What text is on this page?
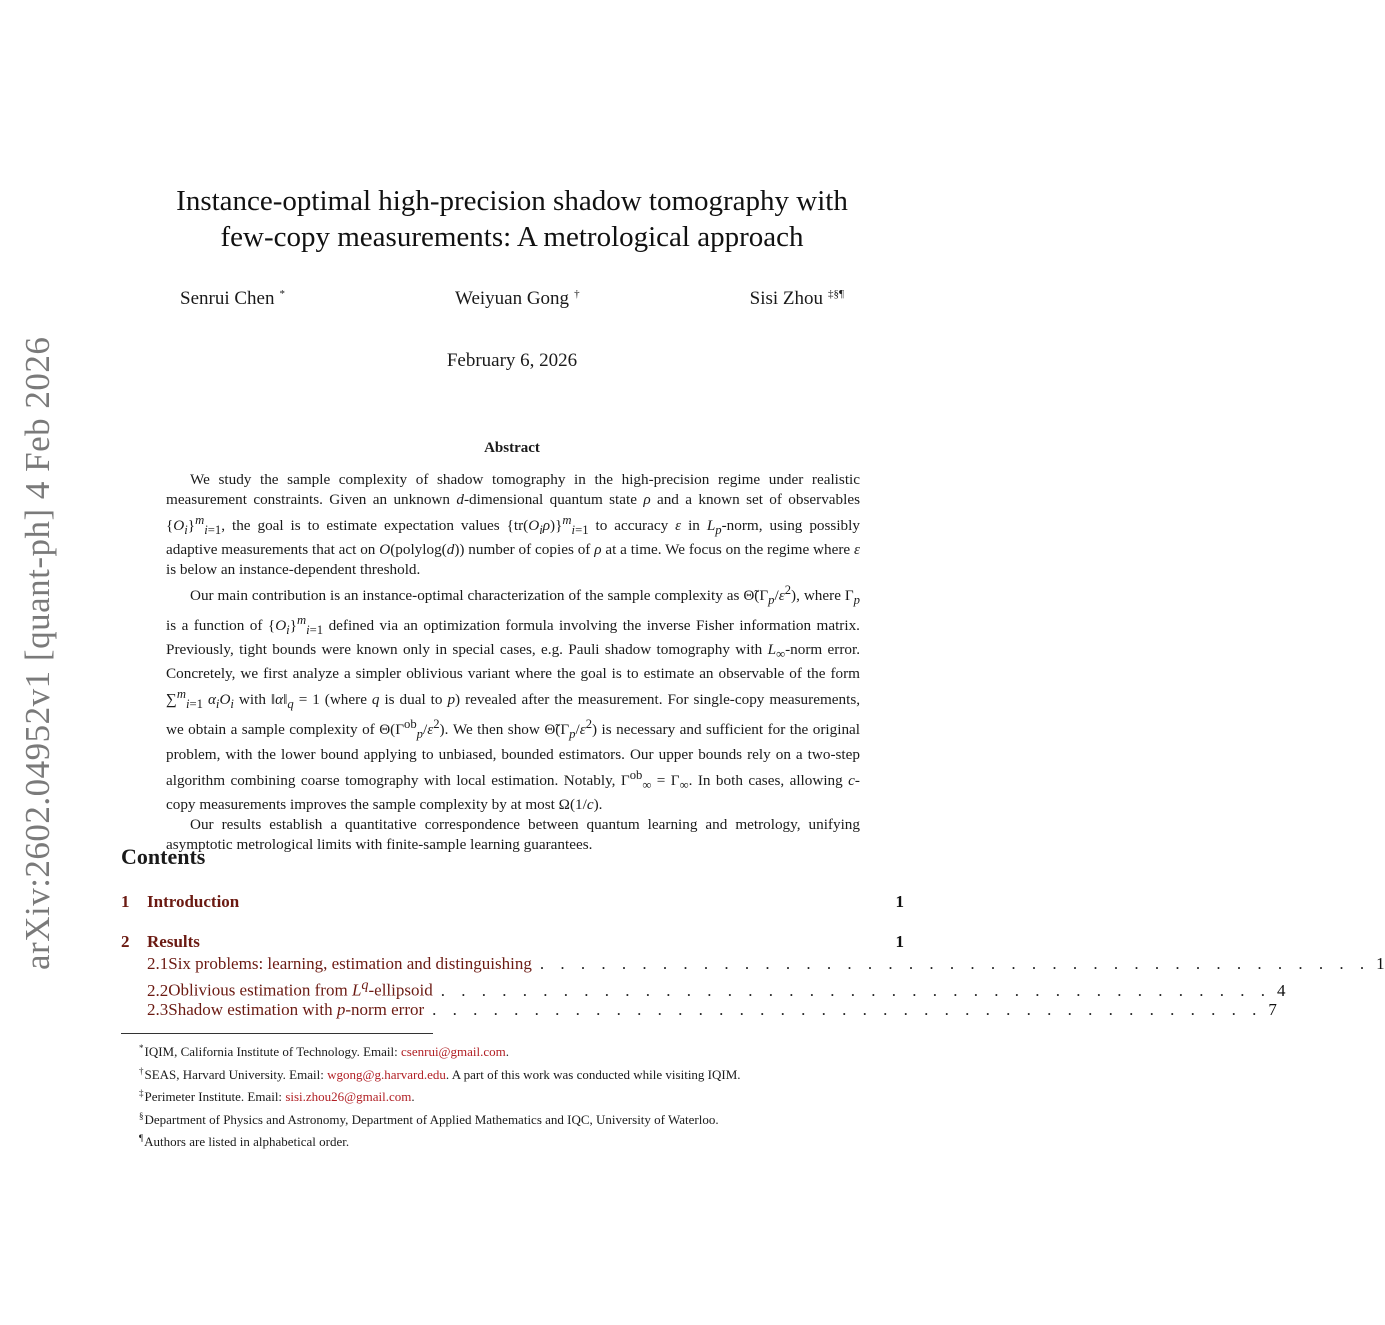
arXiv:2602.04952v1 [quant-ph] 4 Feb 2026
Instance-optimal high-precision shadow tomography with
few-copy measurements: A metrological approach
Senrui Chen *	Weiyuan Gong †	Sisi Zhou ‡§¶
February 6, 2026
Abstract

We study the sample complexity of shadow tomography in the high-precision regime under realistic measurement constraints. Given an unknown d-dimensional quantum state ρ and a known set of observables $\{O_i\}^m_{i=1}$, the goal is to estimate expectation values $\{tr(O_i\rho)\}^m_{i=1}$ to accuracy ε in $L_p$-norm, using possibly adaptive measurements that act on O(polylog(d)) number of copies of ρ at a time. We focus on the regime where ε is below an instance-dependent threshold.

Our main contribution is an instance-optimal characterization of the sample complexity as $\Thetã(\Gamma_p/\varepsilon^2)$, where $\Gamma_p$ is a function of $\{O_i\}^m_{i=1}$ defined via an optimization formula involving the inverse Fisher information matrix. Previously, tight bounds were known only in special cases, e.g. Pauli shadow tomography with $L_\infty$-norm error. Concretely, we first analyze a simpler oblivious variant where the goal is to estimate an observable of the form ∑$^m_{i=1}$ $\alpha_iO_i$ with $‖\alpha‖_q = 1$ (where q is dual to p) revealed after the measurement. For single-copy measurements, we obtain a sample complexity of $\Theta(\Gamma^{ob}_p/\varepsilon^2)$. We then show $\Thetã(\Gamma_p/\varepsilon^2)$ is necessary and sufficient for the original problem, with the lower bound applying to unbiased, bounded estimators. Our upper bounds rely on a two-step algorithm combining coarse tomography with local estimation. Notably, $\Gamma^{ob}_\infty = \Gamma_\infty$. In both cases, allowing c-copy measurements improves the sample complexity by at most Ω(1/c).

Our results establish a quantitative correspondence between quantum learning and metrology, unifying asymptotic metrological limits with finite-sample learning guarantees.

Contents
1	Introduction	1
2	Results	1
2.1 Six problems: learning, estimation and distinguishing . . . . . . . . . . . . . . . . . . . . . . . . . . . . . . . . . . . . . . . . . 1
2.2 Oblivious estimation from $L^q$-ellipsoid . . . . . . . . . . . . . . . . . . . . . . . . . . . . . . . . . . . . . . . . . 4
2.3 Shadow estimation with p-norm error . . . . . . . . . . . . . . . . . . . . . . . . . . . . . . . . . . . . . . . . . 7
*IQIM, California Institute of Technology. Email: csenrui@gmail.com.
†SEAS, Harvard University. Email: wgong@g.harvard.edu. A part of this work was conducted while visiting IQIM.
‡Perimeter Institute. Email: sisi.zhou26@gmail.com.
§Department of Physics and Astronomy, Department of Applied Mathematics and IQC, University of Waterloo.
¶Authors are listed in alphabetical order.
